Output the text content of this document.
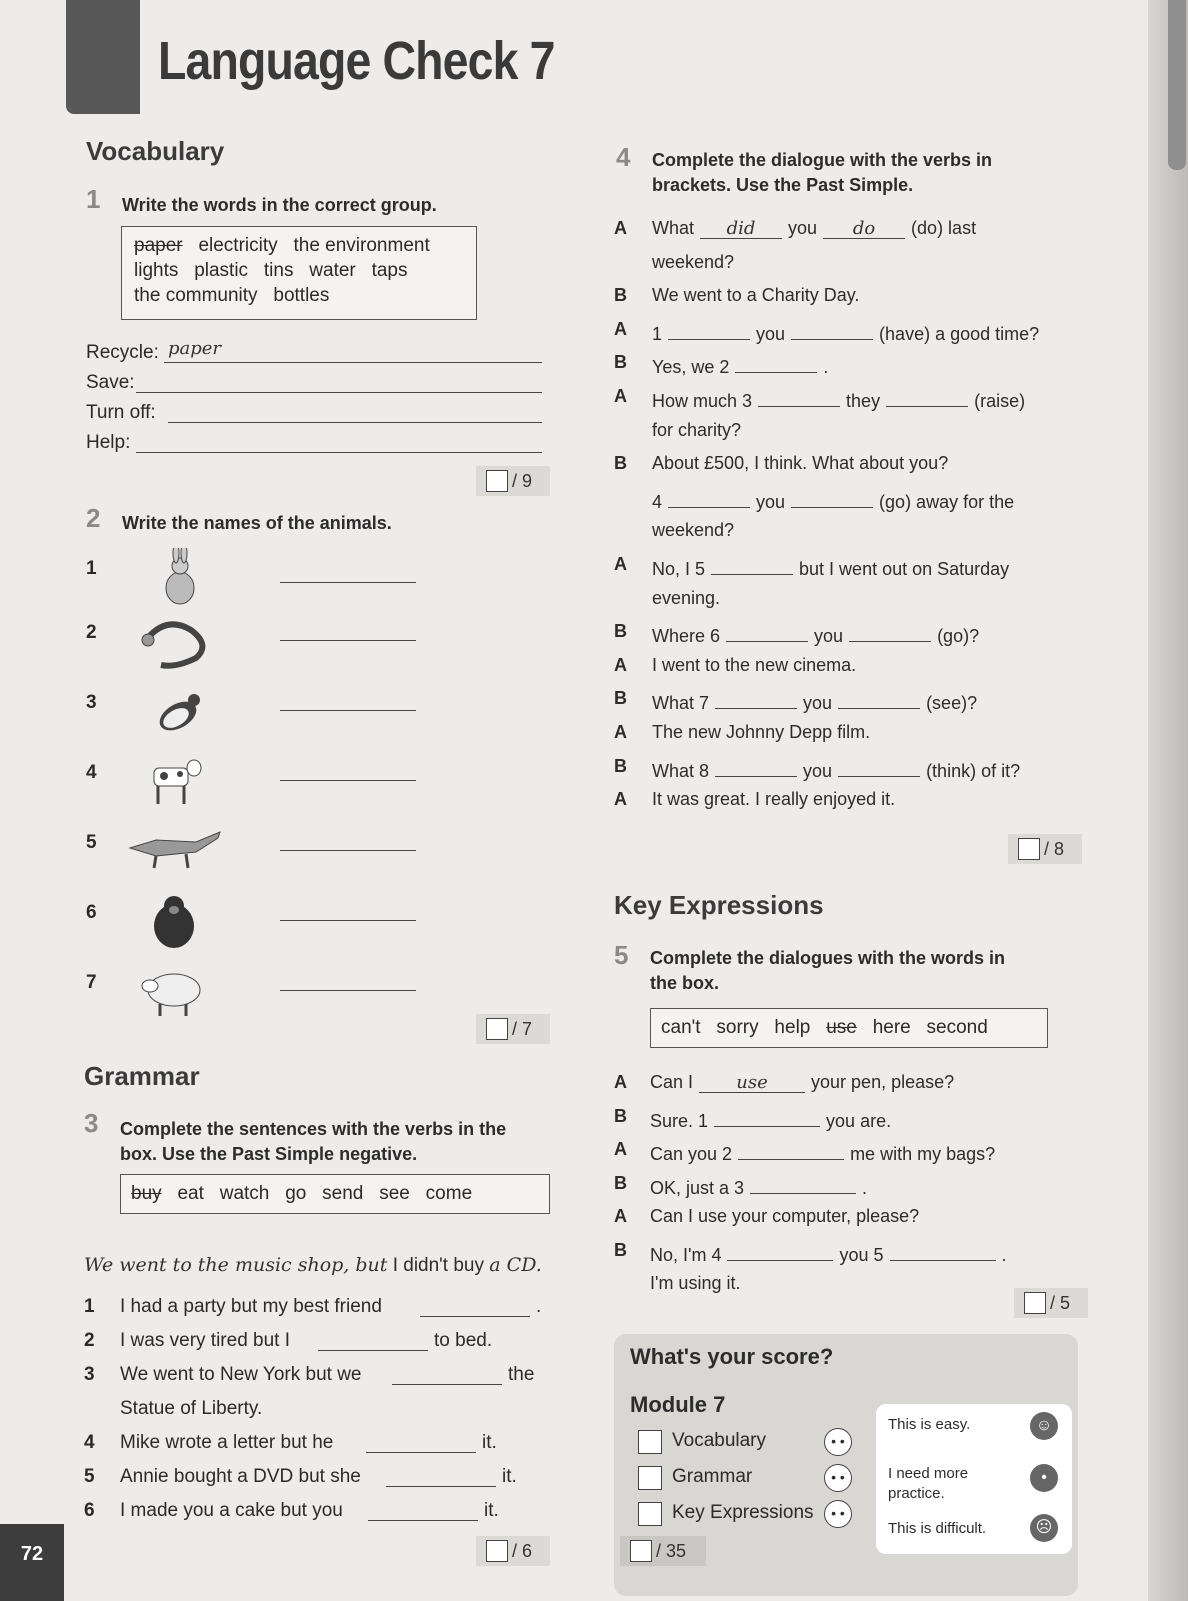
Language Check 7
Vocabulary
1 Write the words in the correct group.
paper electricity the environment
lights   plastic   tins   water   taps
the community   bottles
Recycle: paper
Save:
Turn off:
Help:
/ 9
2 Write the names of the animals.
1
2
3
4
5
6
7
/ 7
Grammar
3 Complete the sentences with the verbs in the
box. Use the Past Simple negative.
buy eat   watch   go   send   see   come
We went to the music shop, but I didn't buy a CD.
1 I had a party but my best friend	.
2 I was very tired but I	to bed.
3 We went to New York but we	the
Statue of Liberty.
4 Mike wrote a letter but he	it.
5 Annie bought a DVD but she	it.
6 I made you a cake but you	it.
/ 6
4 Complete the dialogue with the verbs in
brackets. Use the Past Simple.
A What did you do (do) last
weekend?
B We went to a Charity Day.
A 1	you	(have) a good time?
B Yes, we 2	.
A How much 3	they	(raise)
for charity?
B About £500, I think. What about you?
4	you	(go) away for the
weekend?
A No, I 5	but I went out on Saturday
evening.
B Where 6	you	(go)?
A I went to the new cinema.
B What 7	you	(see)?
A The new Johnny Depp film.
B What 8	you	(think) of it?
A It was great. I really enjoyed it.
/ 8
Key Expressions
5 Complete the dialogues with the words in
the box.
can't   sorry   help use here   second
A Can I use your pen, please?
B Sure. 1	you are.
A Can you 2	me with my bags?
B OK, just a 3	.
A Can I use your computer, please?
B No, I'm 4	you 5	.
I'm using it.
/ 5
What's your score?
Module 7
Vocabulary	• •
Grammar	• •
Key Expressions	• •
/ 35
This is easy.	☺
I need more practice.
•
This is difficult.	☹
72
